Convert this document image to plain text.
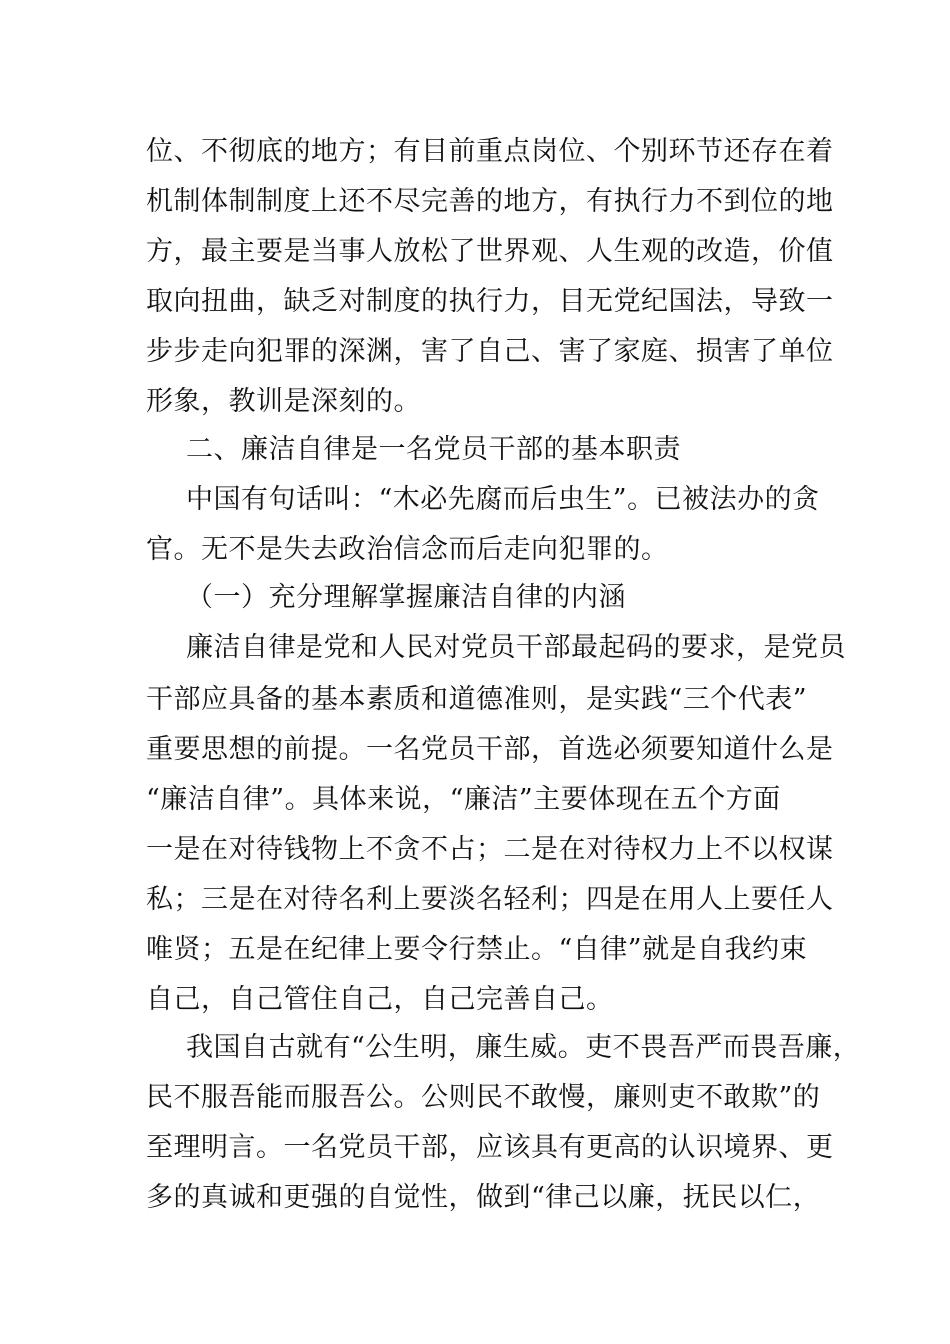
位、不彻底的地方；有目前重点岗位、个别环节还存在着
机制体制制度上还不尽完善的地方，有执行力不到位的地
方，最主要是当事人放松了世界观、人生观的改造，价值
取向扭曲，缺乏对制度的执行力，目无党纪国法，导致一
步步走向犯罪的深渊，害了自己、害了家庭、损害了单位
形象，教训是深刻的。
二、廉洁自律是一名党员干部的基本职责
中国有句话叫：“木必先腐而后虫生”。已被法办的贪
官。无不是失去政治信念而后走向犯罪的。
（一）充分理解掌握廉洁自律的内涵
廉洁自律是党和人民对党员干部最起码的要求，是党员
干部应具备的基本素质和道德准则，是实践“三个代表”
重要思想的前提。一名党员干部，首选必须要知道什么是
“廉洁自律”。具体来说，“廉洁”主要体现在五个方面
一是在对待钱物上不贪不占；二是在对待权力上不以权谋
私；三是在对待名利上要淡名轻利；四是在用人上要任人
唯贤；五是在纪律上要令行禁止。“自律”就是自我约束
自己，自己管住自己，自己完善自己。
我国自古就有“公生明，廉生威。吏不畏吾严而畏吾廉，
民不服吾能而服吾公。公则民不敢慢，廉则吏不敢欺”的
至理明言。一名党员干部，应该具有更高的认识境界、更
多的真诚和更强的自觉性，做到“律己以廉，抚民以仁，
